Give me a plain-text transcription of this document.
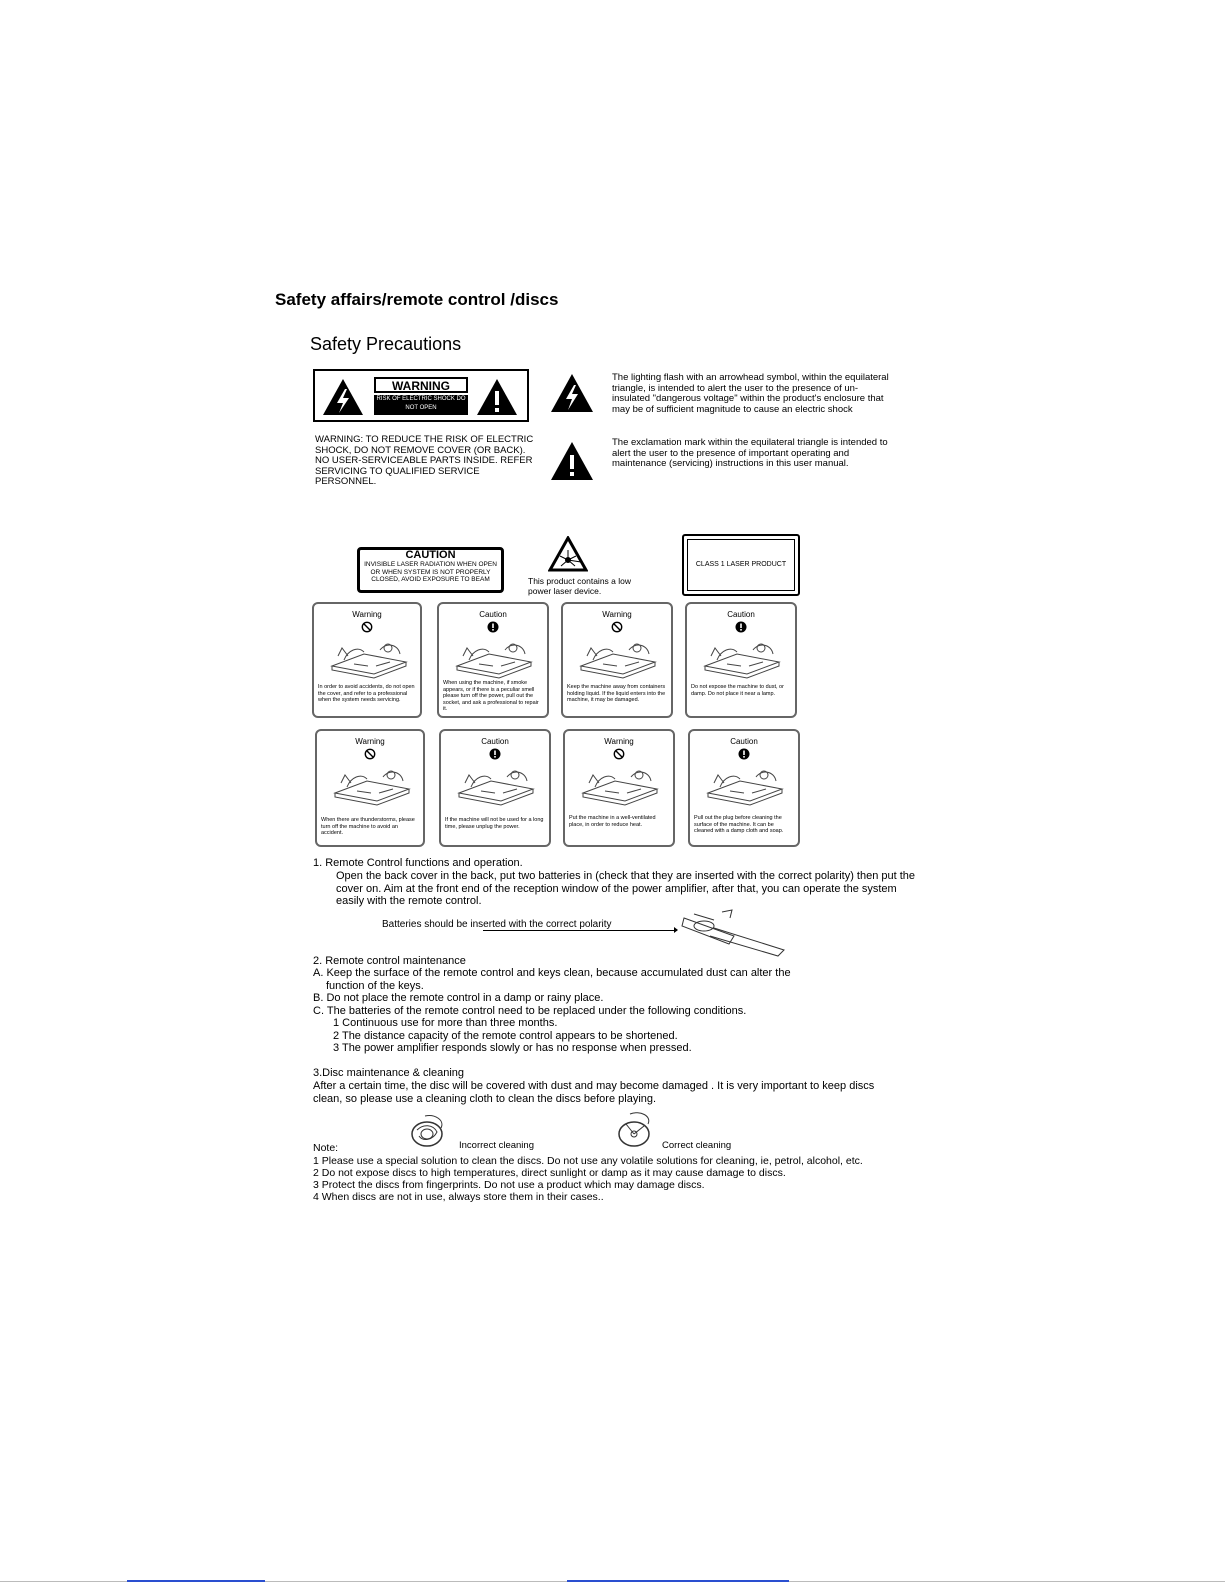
Safety affairs/remote control /discs
Safety Precautions
WARNING
RISK OF ELECTRIC SHOCK DO NOT OPEN
WARNING: TO REDUCE THE RISK OF ELECTRIC SHOCK, DO NOT REMOVE COVER (OR BACK). NO USER-SERVICEABLE PARTS INSIDE. REFER SERVICING TO QUALIFIED SERVICE PERSONNEL.
The lighting flash with an arrowhead symbol, within the equilateral triangle, is intended to alert the user to the presence of un-insulated "dangerous voltage" within the product's enclosure that may be of sufficient magnitude to cause an electric shock
The exclamation mark within the equilateral triangle is intended to alert the user to the presence of important operating and maintenance (servicing) instructions in this user manual.
CAUTION
INVISIBLE LASER RADIATION WHEN OPEN OR WHEN SYSTEM IS NOT PROPERLY CLOSED, AVOID EXPOSURE TO BEAM	This product contains a low power laser device.
CLASS 1 LASER PRODUCT
Warning
In order to avoid accidents, do not open the cover, and refer to a professional when the system needs servicing.
Caution
When using the machine, if smoke appears, or if there is a peculiar smell please turn off the power, pull out the socket, and ask a professional to repair it.
Warning
Keep the machine away from containers holding liquid. If the liquid enters into the machine, it may be damaged.
Caution
Do not expose the machine to dust, or damp. Do not place it near a lamp.
Warning
When there are thunderstorms, please turn off the machine to avoid an accident.
Caution
If the machine will not be used for a long time, please unplug the power.
Warning
Put the machine in a well-ventilated place, in order to reduce heat.
Caution
Pull out the plug before cleaning the surface of the machine. It can be cleaned with a damp cloth and soap.
1. Remote Control functions and operation.
Open the back cover in the back, put two batteries in (check that they are inserted with the correct polarity) then put the cover on. Aim at the front end of the reception window of the power amplifier, after that, you can operate the system easily with the remote control.
Batteries should be inserted with the correct polarity
2. Remote control maintenance
A. Keep the surface of the remote control and keys clean, because accumulated dust can alter the
function of the keys.
B. Do not place the remote control in a damp or rainy place.
C. The batteries of the remote control need to be replaced under the following conditions.
1 Continuous use for more than three months.
2 The distance capacity of the remote control appears to be shortened.
3 The power amplifier responds slowly or has no response when pressed.
3.Disc maintenance & cleaning
After a certain time, the disc will be covered with dust and may become damaged . It is very important to keep discs clean, so please use a cleaning cloth to clean the discs before playing.
Incorrect cleaning	Correct cleaning
Note:
1 Please use a special solution to clean the discs. Do not use any volatile solutions for cleaning, ie, petrol, alcohol, etc.
2 Do not expose discs to high temperatures, direct sunlight or damp as it may cause damage to discs.
3 Protect the discs from fingerprints. Do not use a product which may damage discs.
4 When discs are not in use, always store them in their cases..
